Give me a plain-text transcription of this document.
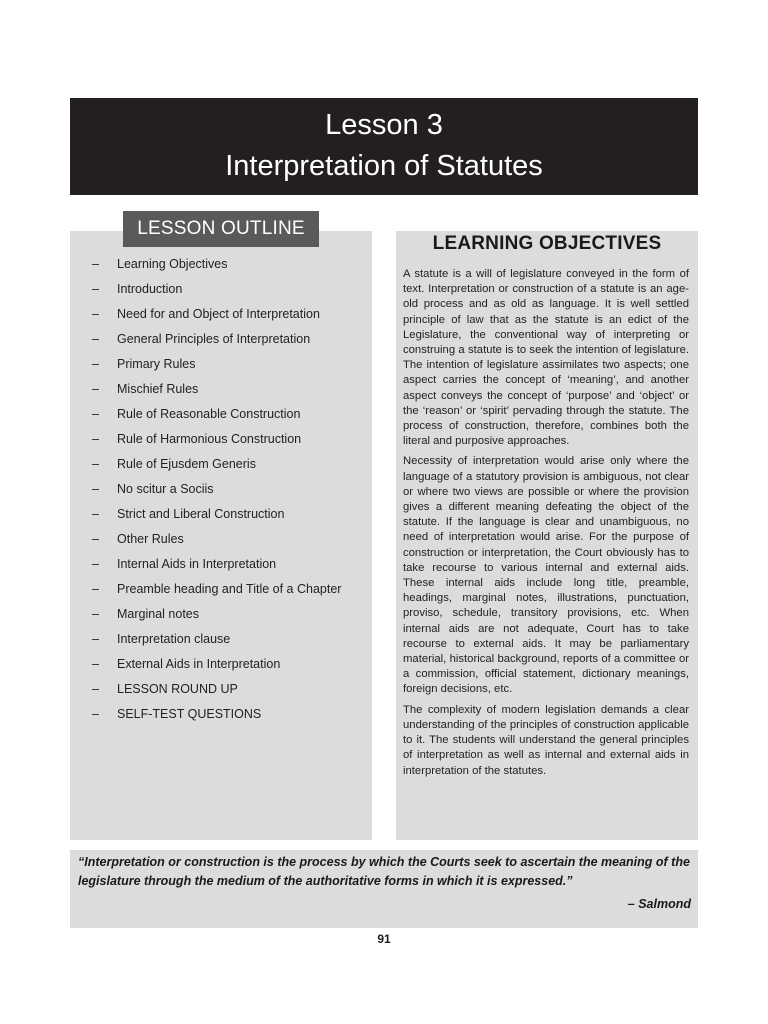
Lesson 3
Interpretation of Statutes
LESSON OUTLINE
– Learning Objectives
– Introduction
– Need for and Object of Interpretation
– General Principles of Interpretation
– Primary Rules
– Mischief Rules
– Rule of Reasonable Construction
– Rule of Harmonious Construction
– Rule of Ejusdem Generis
– No scitur a Sociis
– Strict and Liberal Construction
– Other Rules
– Internal Aids in Interpretation
– Preamble heading and Title of a Chapter
– Marginal notes
– Interpretation clause
– External Aids in Interpretation
– LESSON ROUND UP
– SELF-TEST QUESTIONS
LEARNING OBJECTIVES

A statute is a will of legislature conveyed in the form of text. Interpretation or construction of a statute is an age-old process and as old as language. It is well settled principle of law that as the statute is an edict of the Legislature, the conventional way of interpreting or construing a statute is to seek the intention of legislature. The intention of legislature assimilates two aspects; one aspect carries the concept of ‘meaning’, and another aspect conveys the concept of ‘purpose’ and ‘object’ or the ‘reason’ or ‘spirit’ pervading through the statute. The process of construction, therefore, combines both the literal and purposive approaches.

Necessity of interpretation would arise only where the language of a statutory provision is ambiguous, not clear or where two views are possible or where the provision gives a different meaning defeating the object of the statute. If the language is clear and unambiguous, no need of interpretation would arise. For the purpose of construction or interpretation, the Court obviously has to take recourse to various internal and external aids. These internal aids include long title, preamble, headings, marginal notes, illustrations, punctuation, proviso, schedule, transitory provisions, etc. When internal aids are not adequate, Court has to take recourse to external aids. It may be parliamentary material, historical background, reports of a committee or a commission, official statement, dictionary meanings, foreign decisions, etc.

The complexity of modern legislation demands a clear understanding of the principles of construction applicable to it. The students will understand the general principles of interpretation as well as internal and external aids in interpretation of the statutes.

“Interpretation or construction is the process by which the Courts seek to ascertain the meaning of the legislature through the medium of the authoritative forms in which it is expressed.”
– Salmond
91
